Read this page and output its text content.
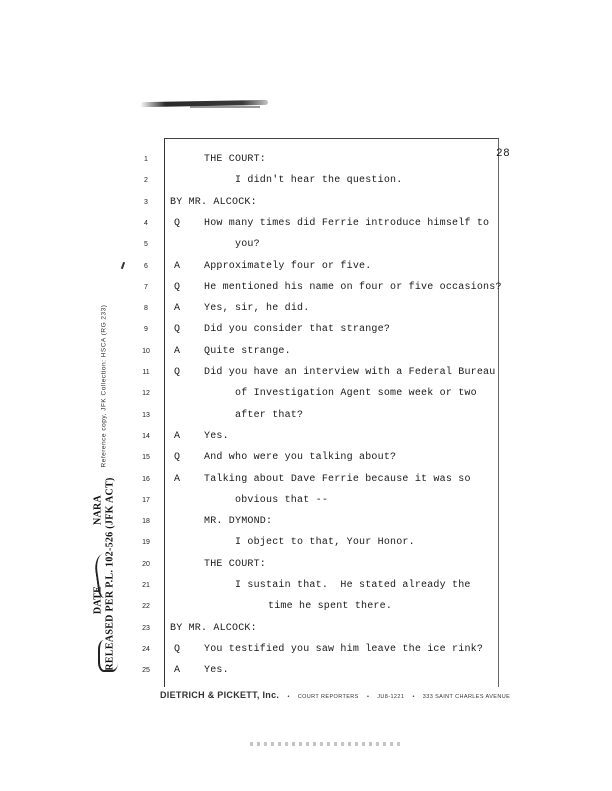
28
1	THE COURT:
2	I didn't hear the question.
3	BY MR. ALCOCK:
4	Q How many times did Ferrie introduce himself to
5	you?
6	A Approximately four or five.
7	Q He mentioned his name on four or five occasions?
8	A Yes, sir, he did.
9	Q Did you consider that strange?
10	A Quite strange.
11	Q Did you have an interview with a Federal Bureau
12	of Investigation Agent some week or two
13	after that?
14	A Yes.
15	Q And who were you talking about?
16	A Talking about Dave Ferrie because it was so
17	obvious that --
18	MR. DYMOND:
19	I object to that, Your Honor.
20	THE COURT:
21	I sustain that.  He stated already the
22	time he spent there.
23	BY MR. ALCOCK:
24	Q You testified you saw him leave the ice rink?
25	A Yes.
DIETRICH & PICKETT, Inc. • COURT REPORTERS • JU8-1221 • 333 SAINT CHARLES AVENUE
Reference copy, JFK Collection: HSCA (RG 233)
RELEASED PER P.L. 102-526 (JFK ACT)
NARA
DATE
